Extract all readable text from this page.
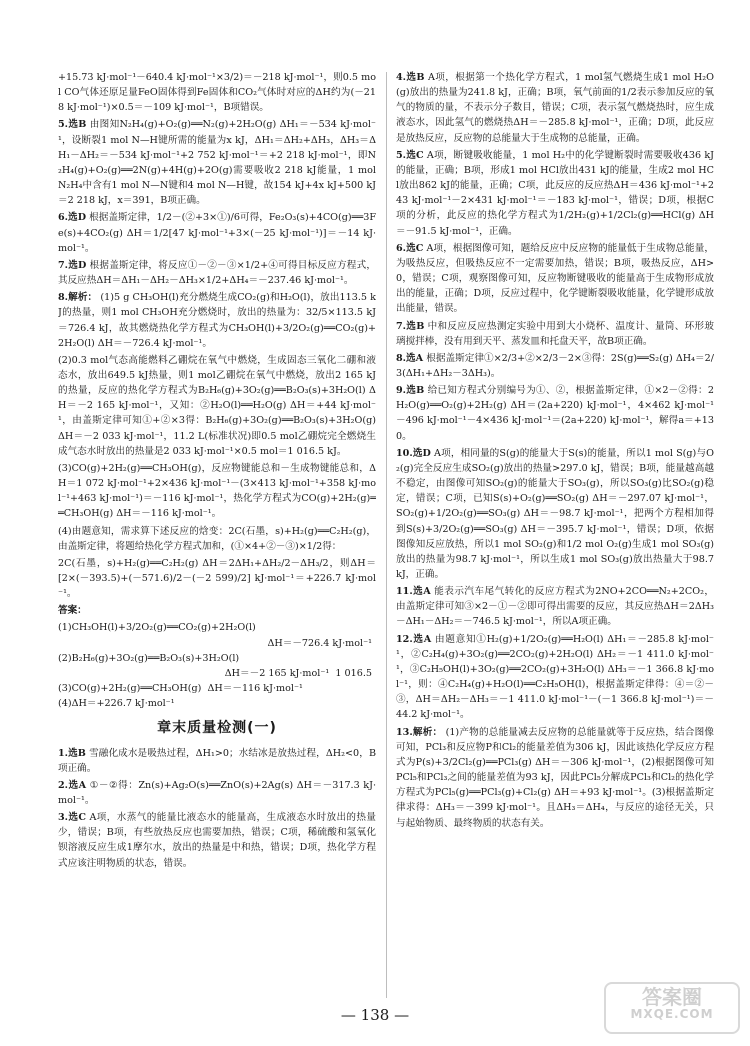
+15.73 kJ·mol⁻¹－640.4 kJ·mol⁻¹×3/2)＝－218 kJ·mol⁻¹，则0.5 mol CO气体还原足量FeO固体得到Fe固体和CO₂气体时对应的ΔH约为(－218 kJ·mol⁻¹)×0.5＝－109 kJ·mol⁻¹，B项错误。
5.选B 由图知N₂H₄(g)+O₂(g)══N₂(g)+2H₂O(g) ΔH₁＝－534 kJ·mol⁻¹，设断裂1 mol N—H键所需的能量为x kJ，ΔH₁＝ΔH₂+ΔH₃，ΔH₃＝ΔH₁－ΔH₂＝－534 kJ·mol⁻¹+2 752 kJ·mol⁻¹＝+2 218 kJ·mol⁻¹，即N₂H₄(g)+O₂(g)══2N(g)+4H(g)+2O(g)需要吸收2 218 kJ能量，1 mol N₂H₄中含有1 mol N—N键和4 mol N—H键，故154 kJ+4x kJ+500 kJ＝2 218 kJ，x＝391，B项正确。
6.选D 根据盖斯定律，1/2－(②+3×①)/6可得，Fe₂O₃(s)+4CO(g)══3Fe(s)+4CO₂(g) ΔH＝1/2[47 kJ·mol⁻¹+3×(－25 kJ·mol⁻¹)]＝－14 kJ·mol⁻¹。
7.选D 根据盖斯定律，将反应①－②－③×1/2+④可得目标反应方程式，其反应热ΔH＝ΔH₁－ΔH₂－ΔH₃×1/2+ΔH₄＝－237.46 kJ·mol⁻¹。
8.解析： (1)5 g CH₃OH(l)充分燃烧生成CO₂(g)和H₂O(l)，放出113.5 kJ的热量，则1 mol CH₃OH充分燃烧时，放出的热量为：32/5×113.5 kJ＝726.4 kJ，故其燃烧热化学方程式为CH₃OH(l)+3/2O₂(g)══CO₂(g)+2H₂O(l) ΔH＝－726.4 kJ·mol⁻¹。
(2)0.3 mol气态高能燃料乙硼烷在氧气中燃烧，生成固态三氧化二硼和液态水，放出649.5 kJ热量，则1 mol乙硼烷在氧气中燃烧，放出2 165 kJ的热量，反应的热化学方程式为B₂H₆(g)+3O₂(g)══B₂O₃(s)+3H₂O(l) ΔH＝－2 165 kJ·mol⁻¹，又知：②H₂O(l)══H₂O(g) ΔH＝+44 kJ·mol⁻¹，由盖斯定律可知①+②×3得：B₂H₆(g)+3O₂(g)══B₂O₃(s)+3H₂O(g) ΔH＝－2 033 kJ·mol⁻¹，11.2 L(标准状况)即0.5 mol乙硼烷完全燃烧生成气态水时放出的热量是2 033 kJ·mol⁻¹×0.5 mol＝1 016.5 kJ。
(3)CO(g)+2H₂(g)══CH₃OH(g)，反应物键能总和－生成物键能总和，ΔH＝1 072 kJ·mol⁻¹+2×436 kJ·mol⁻¹－(3×413 kJ·mol⁻¹+358 kJ·mol⁻¹+463 kJ·mol⁻¹)＝－116 kJ·mol⁻¹，热化学方程式为CO(g)+2H₂(g)══CH₃OH(g) ΔH＝－116 kJ·mol⁻¹。
(4)由题意知，需求算下述反应的焓变：2C(石墨，s)+H₂(g)══C₂H₂(g)，由盖斯定律，将题给热化学方程式加和，(①×4+②－③)×1/2得：
2C(石墨，s)+H₂(g)══C₂H₂(g) ΔH＝2ΔH₁+ΔH₂/2－ΔH₃/2，则ΔH＝[2×(－393.5)+(－571.6)/2－(－2 599)/2] kJ·mol⁻¹＝+226.7 kJ·mol⁻¹。
答案：
(1)CH₃OH(l)+3/2O₂(g)══CO₂(g)+2H₂O(l)
ΔH＝－726.4 kJ·mol⁻¹
(2)B₂H₆(g)+3O₂(g)══B₂O₃(s)+3H₂O(l)
ΔH＝－2 165 kJ·mol⁻¹  1 016.5
(3)CO(g)+2H₂(g)══CH₃OH(g)  ΔH＝－116 kJ·mol⁻¹
(4)ΔH＝+226.7 kJ·mol⁻¹
章末质量检测(一)
1.选B 雪融化成水是吸热过程，ΔH₁>0；水结冰是放热过程，ΔH₂<0，B项正确。
2.选A ①－②得：Zn(s)+Ag₂O(s)══ZnO(s)+2Ag(s) ΔH＝－317.3 kJ·mol⁻¹。
3.选C A项，水蒸气的能量比液态水的能量高，生成液态水时放出的热量少，错误；B项，有些放热反应也需要加热，错误；C项，稀硫酸和氢氧化钡溶液反应生成1摩尔水，放出的热量是中和热，错误；D项，热化学方程式应该注明物质的状态，错误。
4.选B A项，根据第一个热化学方程式，1 mol氢气燃烧生成1 mol H₂O(g)放出的热量为241.8 kJ，正确；B项，氧气前面的1/2表示参加反应的氧气的物质的量，不表示分子数目，错误；C项，表示氢气燃烧热时，应生成液态水，因此氢气的燃烧热ΔH＝－285.8 kJ·mol⁻¹，正确；D项，此反应是放热反应，反应物的总能量大于生成物的总能量，正确。
5.选C A项，断键吸收能量，1 mol H₂中的化学键断裂时需要吸收436 kJ的能量，正确；B项，形成1 mol HCl放出431 kJ的能量，生成2 mol HCl放出862 kJ的能量，正确；C项，此反应的反应热ΔH＝436 kJ·mol⁻¹+243 kJ·mol⁻¹－2×431 kJ·mol⁻¹＝－183 kJ·mol⁻¹，错误；D项，根据C项的分析，此反应的热化学方程式为1/2H₂(g)+1/2Cl₂(g)══HCl(g) ΔH＝－91.5 kJ·mol⁻¹，正确。
6.选C A项，根据图像可知，题给反应中反应物的能量低于生成物总能量，为吸热反应，但吸热反应不一定需要加热，错误；B项，吸热反应，ΔH>0，错误；C项，观察图像可知，反应物断键吸收的能量高于生成物形成放出的能量，正确；D项，反应过程中，化学键断裂吸收能量，化学键形成放出能量，错误。
7.选B 中和反应反应热测定实验中用到大小烧杯、温度计、量筒、环形玻璃搅拌棒，没有用到天平、蒸发皿和托盘天平，故B项正确。
8.选A 根据盖斯定律①×2/3+②×2/3－2×③得：2S(g)══S₂(g) ΔH₄＝2/3(ΔH₁+ΔH₂－3ΔH₃)。
9.选B 给已知方程式分别编号为①、②，根据盖斯定律，①×2－②得：2H₂O(g)══O₂(g)+2H₂(g) ΔH＝(2a+220) kJ·mol⁻¹，4×462 kJ·mol⁻¹－496 kJ·mol⁻¹－4×436 kJ·mol⁻¹＝(2a+220) kJ·mol⁻¹，解得a＝+130。
10.选D A项，相同量的S(g)的能量大于S(s)的能量，所以1 mol S(g)与O₂(g)完全反应生成SO₂(g)放出的热量>297.0 kJ，错误；B项，能量越高越不稳定，由图像可知SO₂(g)的能量大于SO₃(g)，所以SO₃(g)比SO₂(g)稳定，错误；C项，已知S(s)+O₂(g)══SO₂(g) ΔH＝－297.07 kJ·mol⁻¹，SO₂(g)+1/2O₂(g)══SO₃(g) ΔH＝－98.7 kJ·mol⁻¹，把两个方程相加得到S(s)+3/2O₂(g)══SO₃(g) ΔH＝－395.7 kJ·mol⁻¹，错误；D项，依据图像知反应放热，所以1 mol SO₂(g)和1/2 mol O₂(g)生成1 mol SO₃(g)放出的热量为98.7 kJ·mol⁻¹，所以生成1 mol SO₃(g)放出热量大于98.7 kJ，正确。
11.选A 能表示汽车尾气转化的反应方程式为2NO+2CO══N₂+2CO₂，由盖斯定律可知③×2－①－②即可得出需要的反应，其反应热ΔH＝2ΔH₃－ΔH₁－ΔH₂＝－746.5 kJ·mol⁻¹，所以A项正确。
12.选A 由题意知①H₂(g)+1/2O₂(g)══H₂O(l) ΔH₁＝－285.8 kJ·mol⁻¹，②C₂H₄(g)+3O₂(g)══2CO₂(g)+2H₂O(l) ΔH₂＝－1 411.0 kJ·mol⁻¹，③C₂H₅OH(l)+3O₂(g)══2CO₂(g)+3H₂O(l) ΔH₃＝－1 366.8 kJ·mol⁻¹，则：④C₂H₄(g)+H₂O(l)══C₂H₅OH(l)，根据盖斯定律得：④＝②－③，ΔH＝ΔH₂－ΔH₃＝－1 411.0 kJ·mol⁻¹－(－1 366.8 kJ·mol⁻¹)＝－44.2 kJ·mol⁻¹。
13.解析： (1)产物的总能量减去反应物的总能量就等于反应热，结合图像可知，PCl₃和反应物P和Cl₂的能量差值为306 kJ，因此该热化学反应方程式为P(s)+3/2Cl₂(g)══PCl₃(g) ΔH＝－306 kJ·mol⁻¹，(2)根据图像可知PCl₅和PCl₃之间的能量差值为93 kJ，因此PCl₅分解成PCl₃和Cl₂的热化学方程式为PCl₅(g)══PCl₃(g)+Cl₂(g) ΔH＝+93 kJ·mol⁻¹。(3)根据盖斯定律求得：ΔH₃＝－399 kJ·mol⁻¹。且ΔH₃＝ΔH₄，与反应的途径无关，只与起始物质、最终物质的状态有关。
— 138 —
答案圈
MXQE.COM
